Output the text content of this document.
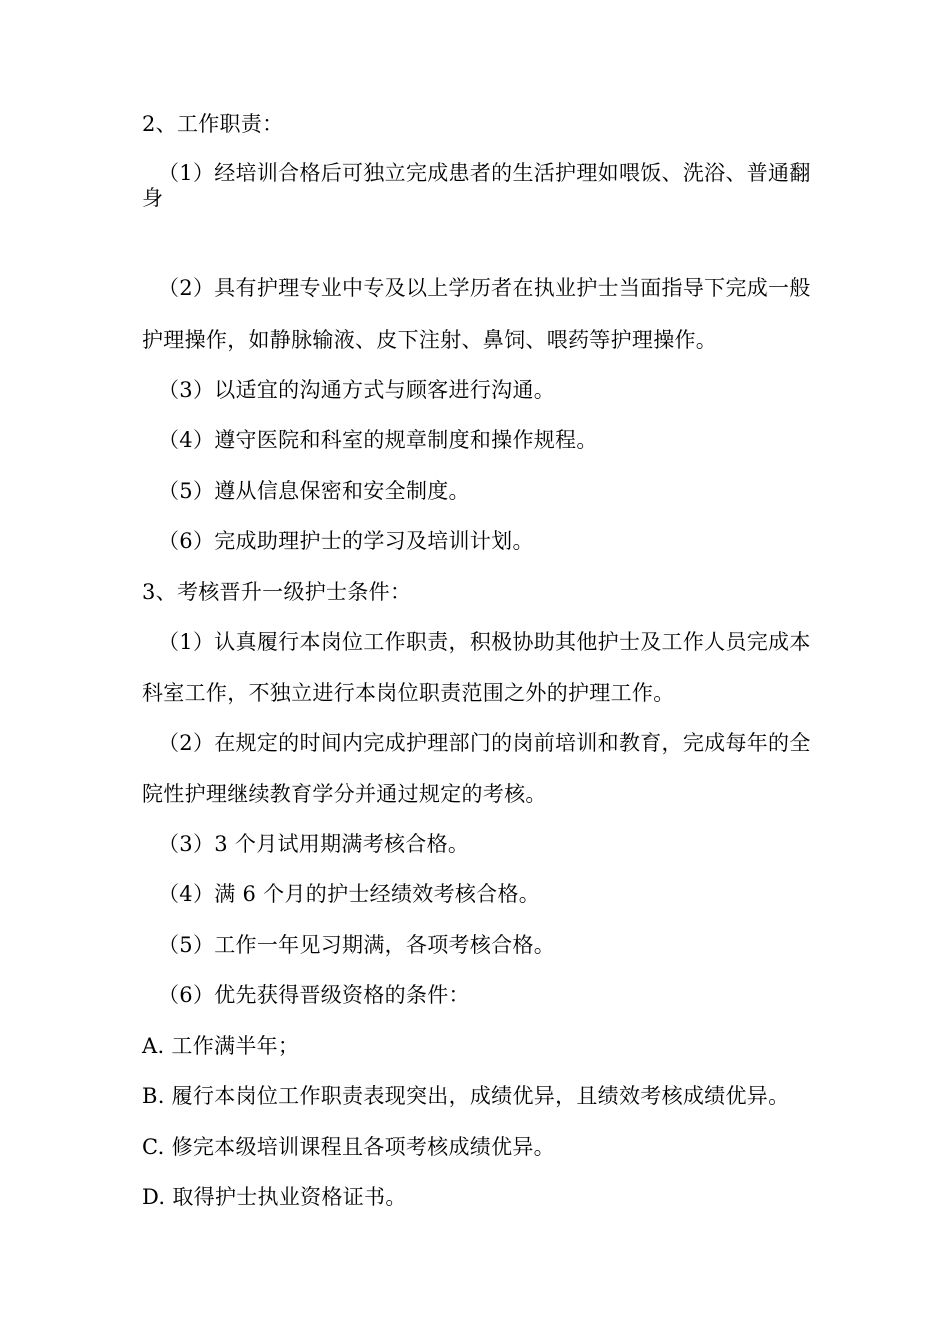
2、工作职责：
（1）经培训合格后可独立完成患者的生活护理如喂饭、洗浴、普通翻
身
（2）具有护理专业中专及以上学历者在执业护士当面指导下完成一般
护理操作，如静脉输液、皮下注射、鼻饲、喂药等护理操作。
（3）以适宜的沟通方式与顾客进行沟通。
（4）遵守医院和科室的规章制度和操作规程。
（5）遵从信息保密和安全制度。
（6）完成助理护士的学习及培训计划。
3、考核晋升一级护士条件：
（1）认真履行本岗位工作职责，积极协助其他护士及工作人员完成本
科室工作，不独立进行本岗位职责范围之外的护理工作。
（2）在规定的时间内完成护理部门的岗前培训和教育，完成每年的全
院性护理继续教育学分并通过规定的考核。
（3）3 个月试用期满考核合格。
（4）满 6 个月的护士经绩效考核合格。
（5）工作一年见习期满，各项考核合格。
（6）优先获得晋级资格的条件：
A. 工作满半年；
B. 履行本岗位工作职责表现突出，成绩优异，且绩效考核成绩优异。
C. 修完本级培训课程且各项考核成绩优异。
D. 取得护士执业资格证书。
